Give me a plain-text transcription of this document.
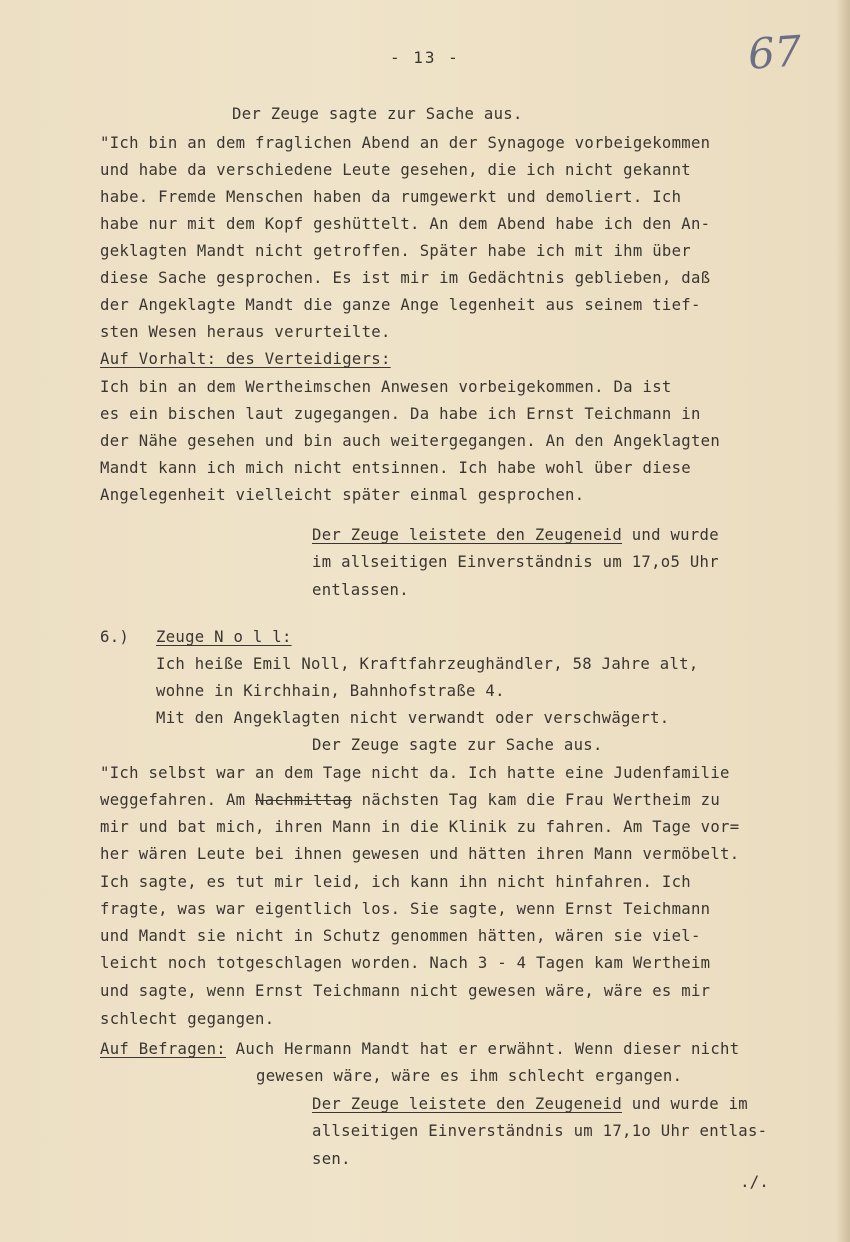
- 13 -	67
Der Zeuge sagte zur Sache aus.
"Ich bin an dem fraglichen Abend an der Synagoge vorbeigekommen
und habe da verschiedene Leute gesehen, die ich nicht gekannt
habe. Fremde Menschen haben da rumgewerkt und demoliert. Ich
habe nur mit dem Kopf geshüttelt. An dem Abend habe ich den An-
geklagten Mandt nicht getroffen. Später habe ich mit ihm über
diese Sache gesprochen. Es ist mir im Gedächtnis geblieben, daß
der Angeklagte Mandt die ganze Ange legenheit aus seinem tief-
sten Wesen heraus verurteilte.
Auf Vorhalt: des Verteidigers:
Ich bin an dem Wertheimschen Anwesen vorbeigekommen. Da ist
es ein bischen laut zugegangen. Da habe ich Ernst Teichmann in
der Nähe gesehen und bin auch weitergegangen. An den Angeklagten
Mandt kann ich mich nicht entsinnen. Ich habe wohl über diese
Angelegenheit vielleicht später einmal gesprochen.
Der Zeuge leistete den Zeugeneid und wurde
im allseitigen Einverständnis um 17,o5 Uhr
entlassen.
6.) Zeuge N o l l:
Ich heiße Emil Noll, Kraftfahrzeughändler, 58 Jahre alt,
wohne in Kirchhain, Bahnhofstraße 4.
Mit den Angeklagten nicht verwandt oder verschwägert.
Der Zeuge sagte zur Sache aus.
"Ich selbst war an dem Tage nicht da. Ich hatte eine Judenfamilie
weggefahren. Am Nachmittag nächsten Tag kam die Frau Wertheim zu
mir und bat mich, ihren Mann in die Klinik zu fahren. Am Tage vor=
her wären Leute bei ihnen gewesen und hätten ihren Mann vermöbelt.
Ich sagte, es tut mir leid, ich kann ihn nicht hinfahren. Ich
fragte, was war eigentlich los. Sie sagte, wenn Ernst Teichmann
und Mandt sie nicht in Schutz genommen hätten, wären sie viel-
leicht noch totgeschlagen worden. Nach 3 - 4 Tagen kam Wertheim
und sagte, wenn Ernst Teichmann nicht gewesen wäre, wäre es mir
schlecht gegangen.
Auf Befragen: Auch Hermann Mandt hat er erwähnt. Wenn dieser nicht
gewesen wäre, wäre es ihm schlecht ergangen.
Der Zeuge leistete den Zeugeneid und wurde im
allseitigen Einverständnis um 17,1o Uhr entlas-
sen.
./.
